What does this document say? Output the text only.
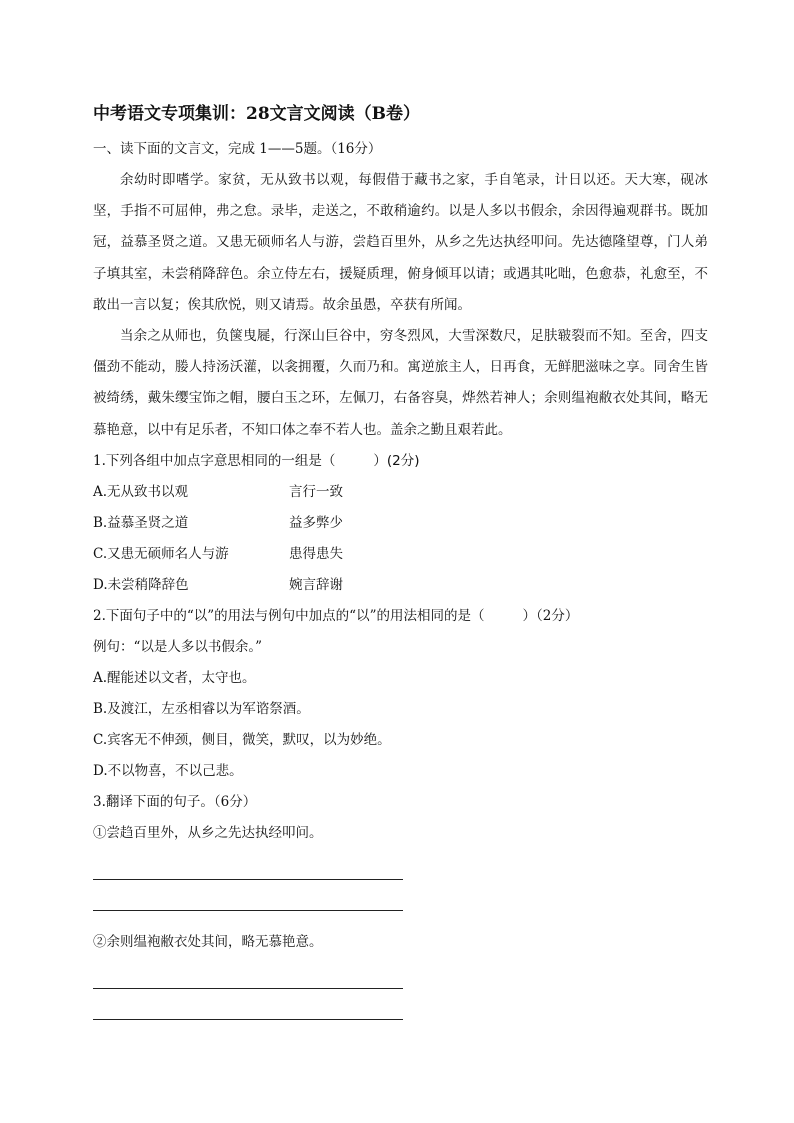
中考语文专项集训：28文言文阅读（B卷）
一、读下面的文言文，完成 1——5题。（16分）

余幼时即嗜学。家贫，无从致书以观，每假借于藏书之家，手自笔录，计日以还。天大寒，砚冰坚，手指不可屈伸，弗之怠。录毕，走送之，不敢稍逾约。以是人多以书假余，余因得遍观群书。既加冠，益慕圣贤之道。又患无硕师名人与游，尝趋百里外，从乡之先达执经叩问。先达德隆望尊，门人弟子填其室，未尝稍降辞色。余立侍左右，援疑质理，俯身倾耳以请；或遇其叱咄，色愈恭，礼愈至，不敢出一言以复；俟其欣悦，则又请焉。故余虽愚，卒获有所闻。

当余之从师也，负箧曳屣，行深山巨谷中，穷冬烈风，大雪深数尺，足肤皲裂而不知。至舍，四支僵劲不能动，媵人持汤沃灌，以衾拥覆，久而乃和。寓逆旅主人，日再食，无鲜肥滋味之享。同舍生皆被绮绣，戴朱缨宝饰之帽，腰白玉之环，左佩刀，右备容臭，烨然若神人；余则缊袍敝衣处其间，略无慕艳意，以中有足乐者，不知口体之奉不若人也。盖余之勤且艰若此。

1.下列各组中加点字意思相同的一组是（	）(2分)
A.无从致书以观	言行一致
B.益慕圣贤之道	益多弊少
C.又患无硕师名人与游	患得患失
D.未尝稍降辞色	婉言辞谢
2.下面句子中的“以”的用法与例句中加点的“以”的用法相同的是（	）（2分）
例句：“以是人多以书假余。”
A.醒能述以文者，太守也。
B.及渡江，左丞相睿以为军谘祭酒。
C.宾客无不伸颈，侧目，微笑，默叹，以为妙绝。
D.不以物喜，不以己悲。
3.翻译下面的句子。（6分）
①尝趋百里外，从乡之先达执经叩问。
②余则缊袍敝衣处其间，略无慕艳意。
